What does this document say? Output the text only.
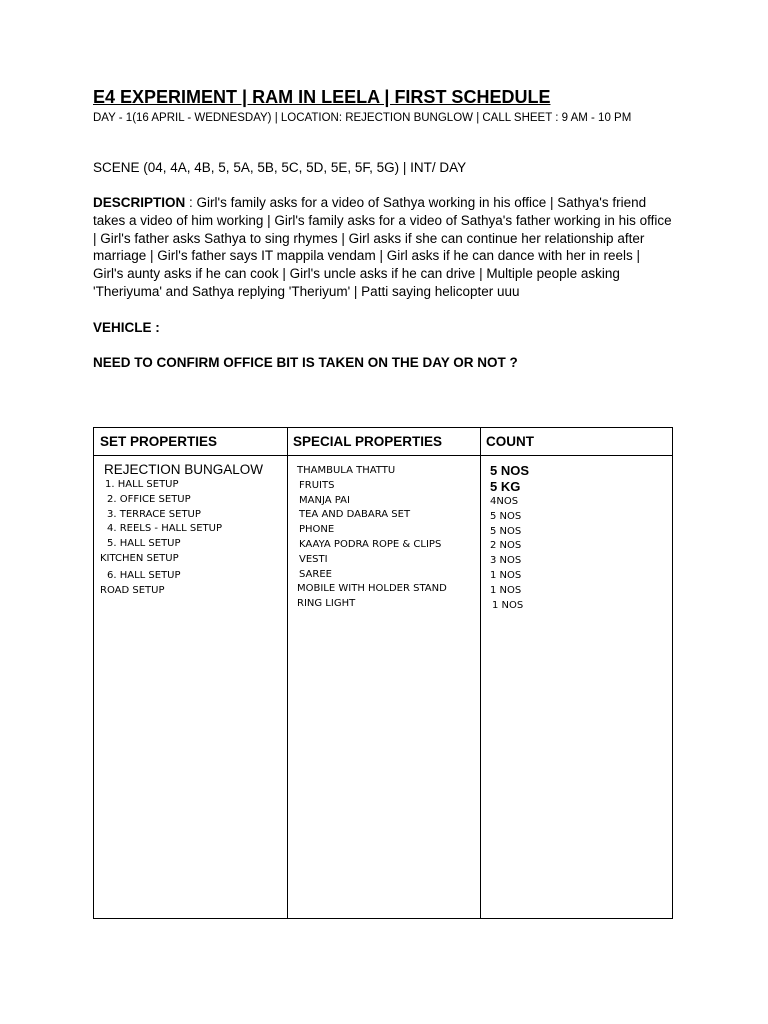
E4 EXPERIMENT | RAM IN LEELA | FIRST SCHEDULE
DAY - 1(16 APRIL - WEDNESDAY) | LOCATION: REJECTION BUNGLOW | CALL SHEET : 9 AM - 10 PM
SCENE (04, 4A, 4B, 5, 5A, 5B, 5C, 5D, 5E, 5F, 5G) | INT/ DAY
DESCRIPTION : Girl's family asks for a video of Sathya working in his office | Sathya's friend takes a video of him working | Girl's family asks for a video of Sathya's father working in his office | Girl's father asks Sathya to sing rhymes | Girl asks if she can continue her relationship after marriage | Girl's father says IT mappila vendam | Girl asks if he can dance with her in reels | Girl's aunty asks if he can cook | Girl's uncle asks if he can drive | Multiple people asking 'Theriyuma' and Sathya replying 'Theriyum' | Patti saying helicopter uuu
VEHICLE :
NEED TO CONFIRM OFFICE BIT IS TAKEN ON THE DAY OR NOT ?
SET PROPERTIES	SPECIAL PROPERTIES	COUNT
REJECTION BUNGALOW
1. HALL SETUP
2. OFFICE SETUP
3. TERRACE SETUP
4. REELS - HALL SETUP
5. HALL SETUP
KITCHEN SETUP
6. HALL SETUP
ROAD SETUP
THAMBULA THATTU
FRUITS
MANJA PAI
TEA AND DABARA SET
PHONE
KAAYA PODRA ROPE & CLIPS
VESTI
SAREE
MOBILE WITH HOLDER STAND
RING LIGHT
5 NOS
5 KG
4NOS
5 NOS
5 NOS
2 NOS
3 NOS
1 NOS
1 NOS
1 NOS
